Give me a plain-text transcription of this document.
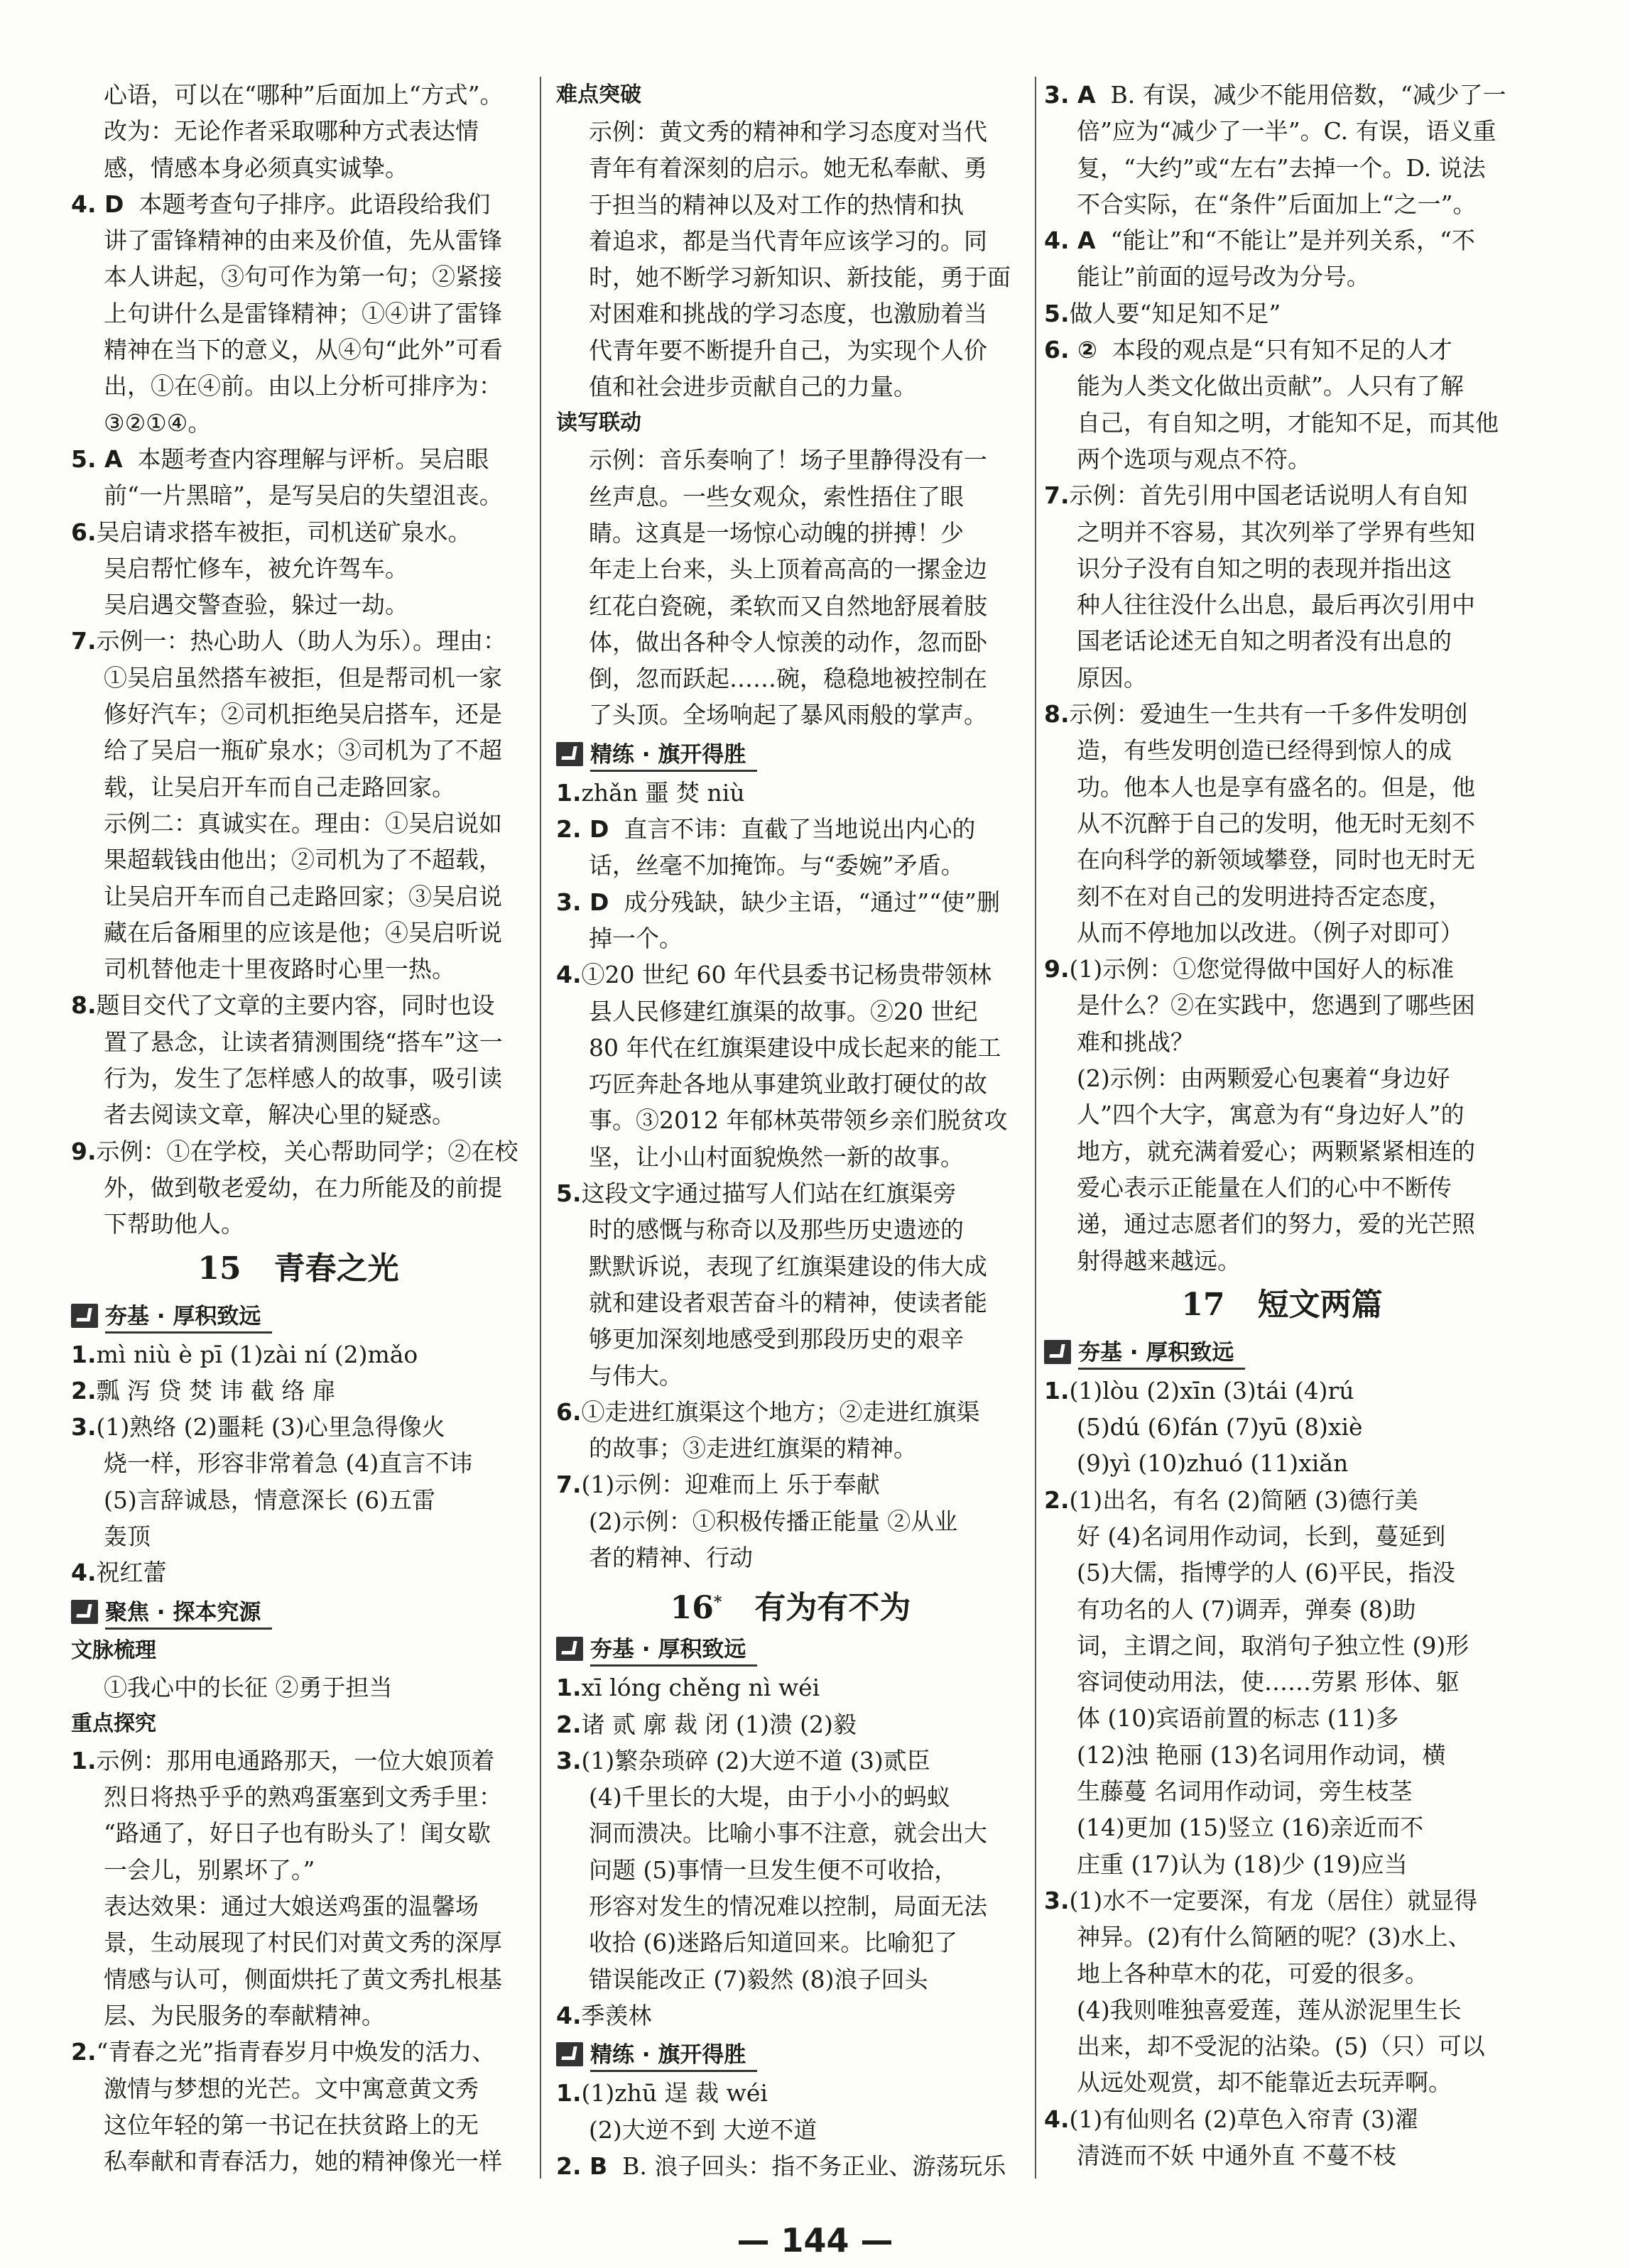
心语，可以在“哪种”后面加上“方式”。
改为：无论作者采取哪种方式表达情
感，情感本身必须真实诚挚。
4. D 本题考查句子排序。此语段给我们
讲了雷锋精神的由来及价值，先从雷锋
本人讲起，③句可作为第一句；②紧接
上句讲什么是雷锋精神；①④讲了雷锋
精神在当下的意义，从④句“此外”可看
出，①在④前。由以上分析可排序为：
③②①④。
5. A 本题考查内容理解与评析。吴启眼
前“一片黑暗”，是写吴启的失望沮丧。
6.吴启请求搭车被拒，司机送矿泉水。
吴启帮忙修车，被允许驾车。
吴启遇交警查验，躲过一劫。
7.示例一：热心助人（助人为乐）。理由：
①吴启虽然搭车被拒，但是帮司机一家
修好汽车；②司机拒绝吴启搭车，还是
给了吴启一瓶矿泉水；③司机为了不超
载，让吴启开车而自己走路回家。
示例二：真诚实在。理由：①吴启说如
果超载钱由他出；②司机为了不超载，
让吴启开车而自己走路回家；③吴启说
藏在后备厢里的应该是他；④吴启听说
司机替他走十里夜路时心里一热。
8.题目交代了文章的主要内容，同时也设
置了悬念，让读者猜测围绕“搭车”这一
行为，发生了怎样感人的故事，吸引读
者去阅读文章，解决心里的疑惑。
9.示例：①在学校，关心帮助同学；②在校
外，做到敬老爱幼，在力所能及的前提
下帮助他人。
15 青春之光
夯基 · 厚积致远
1.mì niù è pī (1)zài ní (2)mǎo
2.瓢 泻 贷 焚 讳 截 络 扉
3.(1)熟络 (2)噩耗 (3)心里急得像火
烧一样，形容非常着急 (4)直言不讳
(5)言辞诚恳，情意深长 (6)五雷
轰顶
4.祝红蕾
聚焦 · 探本究源
文脉梳理
①我心中的长征 ②勇于担当
重点探究
1.示例：那用电通路那天，一位大娘顶着
烈日将热乎乎的熟鸡蛋塞到文秀手里：
“路通了，好日子也有盼头了！闺女歇
一会儿，别累坏了。”
表达效果：通过大娘送鸡蛋的温馨场
景，生动展现了村民们对黄文秀的深厚
情感与认可，侧面烘托了黄文秀扎根基
层、为民服务的奉献精神。
2.“青春之光”指青春岁月中焕发的活力、
激情与梦想的光芒。文中寓意黄文秀
这位年轻的第一书记在扶贫路上的无
私奉献和青春活力，她的精神像光一样
难点突破
示例：黄文秀的精神和学习态度对当代
青年有着深刻的启示。她无私奉献、勇
于担当的精神以及对工作的热情和执
着追求，都是当代青年应该学习的。同
时，她不断学习新知识、新技能，勇于面
对困难和挑战的学习态度，也激励着当
代青年要不断提升自己，为实现个人价
值和社会进步贡献自己的力量。
读写联动
示例：音乐奏响了！场子里静得没有一
丝声息。一些女观众，索性捂住了眼
睛。这真是一场惊心动魄的拼搏！少
年走上台来，头上顶着高高的一摞金边
红花白瓷碗，柔软而又自然地舒展着肢
体，做出各种令人惊羡的动作，忽而卧
倒，忽而跃起……碗，稳稳地被控制在
了头顶。全场响起了暴风雨般的掌声。
精练 · 旗开得胜
1.zhǎn 噩 焚 niù
2. D 直言不讳：直截了当地说出内心的
话，丝毫不加掩饰。与“委婉”矛盾。
3. D 成分残缺，缺少主语，“通过”“使”删
掉一个。
4.①20 世纪 60 年代县委书记杨贵带领林
县人民修建红旗渠的故事。②20 世纪
80 年代在红旗渠建设中成长起来的能工
巧匠奔赴各地从事建筑业敢打硬仗的故
事。③2012 年郁林英带领乡亲们脱贫攻
坚，让小山村面貌焕然一新的故事。
5.这段文字通过描写人们站在红旗渠旁
时的感慨与称奇以及那些历史遗迹的
默默诉说，表现了红旗渠建设的伟大成
就和建设者艰苦奋斗的精神，使读者能
够更加深刻地感受到那段历史的艰辛
与伟大。
6.①走进红旗渠这个地方；②走进红旗渠
的故事；③走进红旗渠的精神。
7.(1)示例：迎难而上 乐于奉献
(2)示例：①积极传播正能量 ②从业
者的精神、行动
16* 有为有不为
夯基 · 厚积致远
1.xī lóng chěng nì wéi
2.诸 贰 廓 裁 闭 (1)溃 (2)毅
3.(1)繁杂琐碎 (2)大逆不道 (3)贰臣
(4)千里长的大堤，由于小小的蚂蚁
洞而溃决。比喻小事不注意，就会出大
问题 (5)事情一旦发生便不可收拾，
形容对发生的情况难以控制，局面无法
收拾 (6)迷路后知道回来。比喻犯了
错误能改正 (7)毅然 (8)浪子回头
4.季羡林
精练 · 旗开得胜
1.(1)zhū 逞 裁 wéi
(2)大逆不到 大逆不道
2. B B. 浪子回头：指不务正业、游荡玩乐
3. A B. 有误，减少不能用倍数，“减少了一
倍”应为“减少了一半”。C. 有误，语义重
复，“大约”或“左右”去掉一个。D. 说法
不合实际，在“条件”后面加上“之一”。
4. A “能让”和“不能让”是并列关系，“不
能让”前面的逗号改为分号。
5.做人要“知足知不足”
6. ② 本段的观点是“只有知不足的人才
能为人类文化做出贡献”。人只有了解
自己，有自知之明，才能知不足，而其他
两个选项与观点不符。
7.示例：首先引用中国老话说明人有自知
之明并不容易，其次列举了学界有些知
识分子没有自知之明的表现并指出这
种人往往没什么出息，最后再次引用中
国老话论述无自知之明者没有出息的
原因。
8.示例：爱迪生一生共有一千多件发明创
造，有些发明创造已经得到惊人的成
功。他本人也是享有盛名的。但是，他
从不沉醉于自己的发明，他无时无刻不
在向科学的新领域攀登，同时也无时无
刻不在对自己的发明进持否定态度，
从而不停地加以改进。（例子对即可）
9.(1)示例：①您觉得做中国好人的标准
是什么？②在实践中，您遇到了哪些困
难和挑战？
(2)示例：由两颗爱心包裹着“身边好
人”四个大字，寓意为有“身边好人”的
地方，就充满着爱心；两颗紧紧相连的
爱心表示正能量在人们的心中不断传
递，通过志愿者们的努力，爱的光芒照
射得越来越远。
17 短文两篇
夯基 · 厚积致远
1.(1)lòu (2)xīn (3)tái (4)rú
(5)dú (6)fán (7)yū (8)xiè
(9)yì (10)zhuó (11)xiǎn
2.(1)出名，有名 (2)简陋 (3)德行美
好 (4)名词用作动词，长到，蔓延到
(5)大儒，指博学的人 (6)平民，指没
有功名的人 (7)调弄，弹奏 (8)助
词，主谓之间，取消句子独立性 (9)形
容词使动用法，使……劳累 形体、躯
体 (10)宾语前置的标志 (11)多
(12)浊 艳丽 (13)名词用作动词，横
生藤蔓 名词用作动词，旁生枝茎
(14)更加 (15)竖立 (16)亲近而不
庄重 (17)认为 (18)少 (19)应当
3.(1)水不一定要深，有龙（居住）就显得
神异。(2)有什么简陋的呢？(3)水上、
地上各种草木的花，可爱的很多。
(4)我则唯独喜爱莲，莲从淤泥里生长
出来，却不受泥的沾染。(5)（只）可以
从远处观赏，却不能靠近去玩弄啊。
4.(1)有仙则名 (2)草色入帘青 (3)濯
清涟而不妖 中通外直 不蔓不枝
— 144 —
